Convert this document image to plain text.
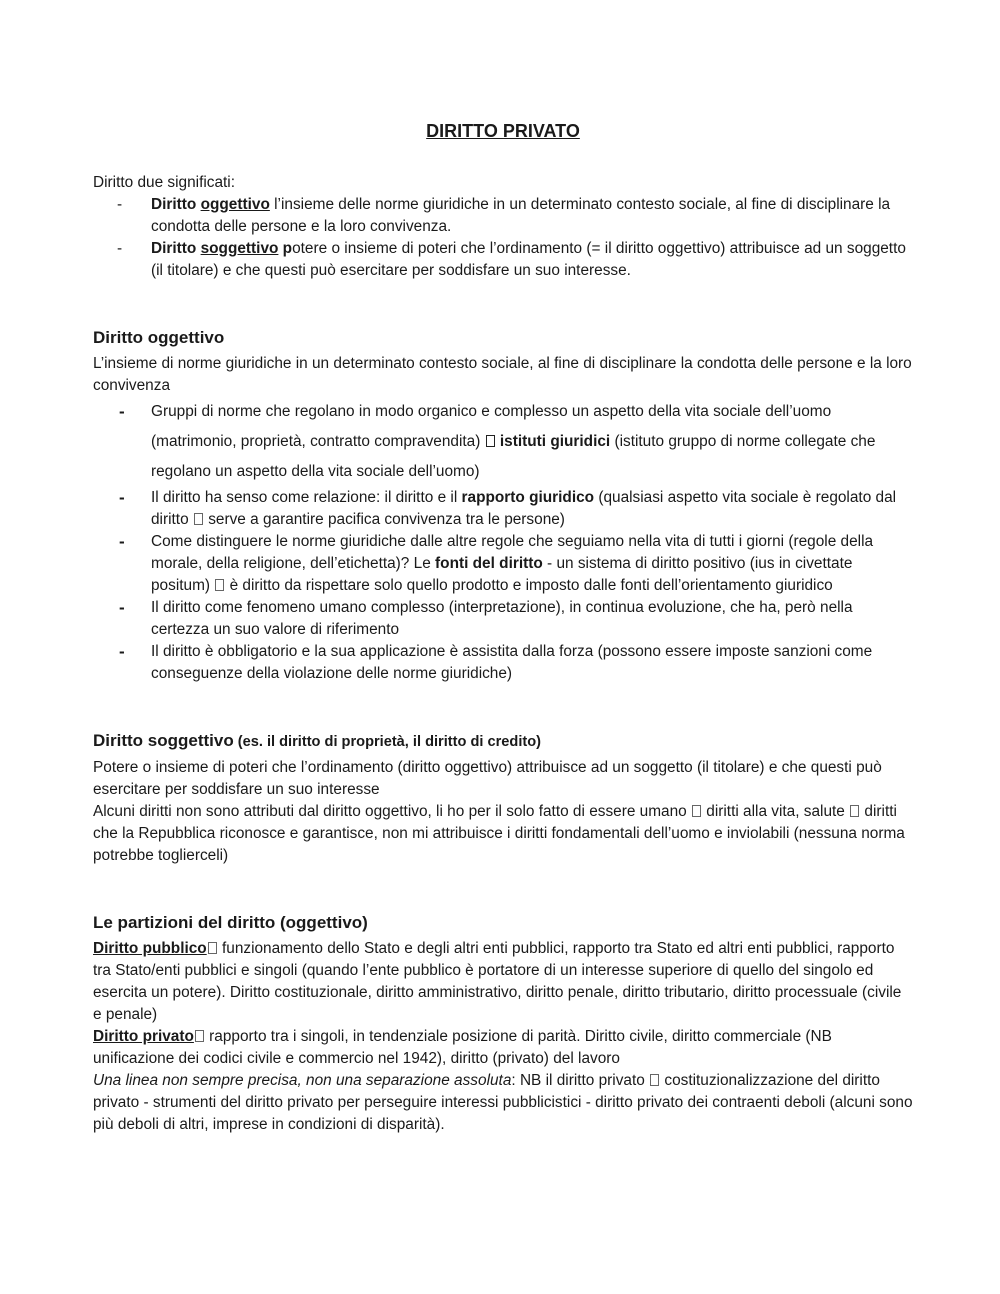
DIRITTO PRIVATO

Diritto due significati:

- Diritto oggettivo l’insieme delle norme giuridiche in un determinato contesto sociale, al fine di disciplinare la condotta delle persone e la loro convivenza.
- Diritto soggettivo potere o insieme di poteri che l’ordinamento (= il diritto oggettivo) attribuisce ad un soggetto (il titolare) e che questi può esercitare per soddisfare un suo interesse.

Diritto oggettivo

L’insieme di norme giuridiche in un determinato contesto sociale, al fine di disciplinare la condotta delle persone e la loro convivenza

- Gruppi di norme che regolano in modo organico e complesso un aspetto della vita sociale dell’uomo (matrimonio, proprietà, contratto compravendita)  istituti giuridici (istituto gruppo di norme collegate che regolano un aspetto della vita sociale dell’uomo)
- Il diritto ha senso come relazione: il diritto e il rapporto giuridico (qualsiasi aspetto vita sociale è regolato dal diritto  serve a garantire pacifica convivenza tra le persone)
- Come distinguere le norme giuridiche dalle altre regole che seguiamo nella vita di tutti i giorni (regole della morale, della religione, dell’etichetta)? Le fonti del diritto - un sistema di diritto positivo (ius in civettate positum)  è diritto da rispettare solo quello prodotto e imposto dalle fonti dell’orientamento giuridico
- Il diritto come fenomeno umano complesso (interpretazione), in continua evoluzione, che ha, però nella certezza un suo valore di riferimento
- Il diritto è obbligatorio e la sua applicazione è assistita dalla forza (possono essere imposte sanzioni come conseguenze della violazione delle norme giuridiche)

Diritto soggettivo (es. il diritto di proprietà, il diritto di credito)

Potere o insieme di poteri che l’ordinamento (diritto oggettivo) attribuisce ad un soggetto (il titolare) e che questi può esercitare per soddisfare un suo interesse

Alcuni diritti non sono attributi dal diritto oggettivo, li ho per il solo fatto di essere umano  diritti alla vita, salute  diritti che la Repubblica riconosce e garantisce, non mi attribuisce i diritti fondamentali dell’uomo e inviolabili (nessuna norma potrebbe toglierceli)

Le partizioni del diritto (oggettivo)

Diritto pubblico funzionamento dello Stato e degli altri enti pubblici, rapporto tra Stato ed altri enti pubblici, rapporto tra Stato/enti pubblici e singoli (quando l’ente pubblico è portatore di un interesse superiore di quello del singolo ed esercita un potere). Diritto costituzionale, diritto amministrativo, diritto penale, diritto tributario, diritto processuale (civile e penale)

Diritto privato rapporto tra i singoli, in tendenziale posizione di parità. Diritto civile, diritto commerciale (NB unificazione dei codici civile e commercio nel 1942), diritto (privato) del lavoro

Una linea non sempre precisa, non una separazione assoluta: NB il diritto privato  costituzionalizzazione del diritto privato - strumenti del diritto privato per perseguire interessi pubblicistici - diritto privato dei contraenti deboli (alcuni sono più deboli di altri, imprese in condizioni di disparità).
